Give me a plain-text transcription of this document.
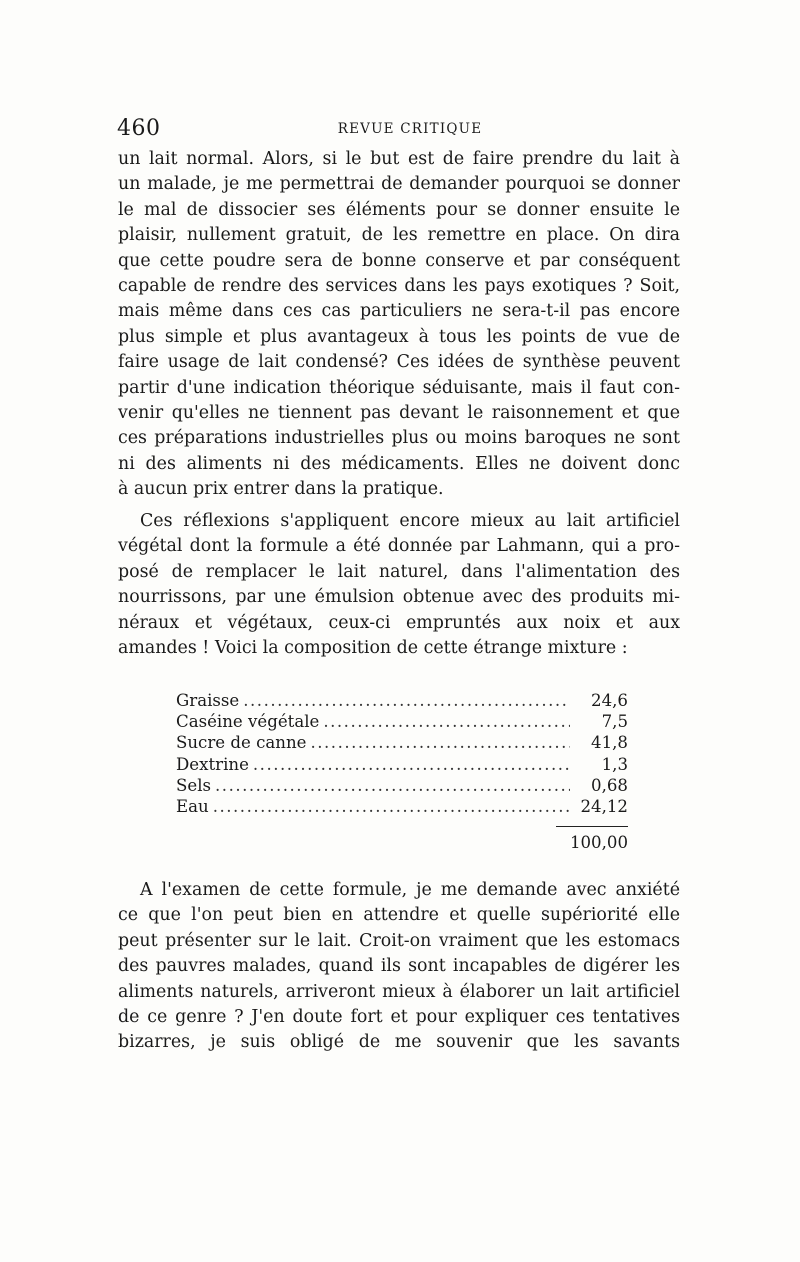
460	REVUE CRITIQUE
un lait normal. Alors, si le but est de faire prendre du lait à
un malade, je me permettrai de demander pourquoi se donner
le mal de dissocier ses éléments pour se donner ensuite le
plaisir, nullement gratuit, de les remettre en place. On dira
que cette poudre sera de bonne conserve et par conséquent
capable de rendre des services dans les pays exotiques ? Soit,
mais même dans ces cas particuliers ne sera-t-il pas encore
plus simple et plus avantageux à tous les points de vue de
faire usage de lait condensé? Ces idées de synthèse peuvent
partir d'une indication théorique séduisante, mais il faut con-
venir qu'elles ne tiennent pas devant le raisonnement et que
ces préparations industrielles plus ou moins baroques ne sont
ni des aliments ni des médicaments. Elles ne doivent donc
à aucun prix entrer dans la pratique.
Ces réflexions s'appliquent encore mieux au lait artificiel
végétal dont la formule a été donnée par Lahmann, qui a pro-
posé de remplacer le lait naturel, dans l'alimentation des
nourrissons, par une émulsion obtenue avec des produits mi-
néraux et végétaux, ceux-ci empruntés aux noix et aux
amandes ! Voici la composition de cette étrange mixture :
Graisse .....	24,6
Caséine végétale .....	7,5
Sucre de canne .....	41,8
Dextrine .....	1,3
Sels .....	0,68
Eau .....	24,12
100,00
A l'examen de cette formule, je me demande avec anxiété
ce que l'on peut bien en attendre et quelle supériorité elle
peut présenter sur le lait. Croit-on vraiment que les estomacs
des pauvres malades, quand ils sont incapables de digérer les
aliments naturels, arriveront mieux à élaborer un lait artificiel
de ce genre ? J'en doute fort et pour expliquer ces tentatives
bizarres, je suis obligé de me souvenir que les savants
